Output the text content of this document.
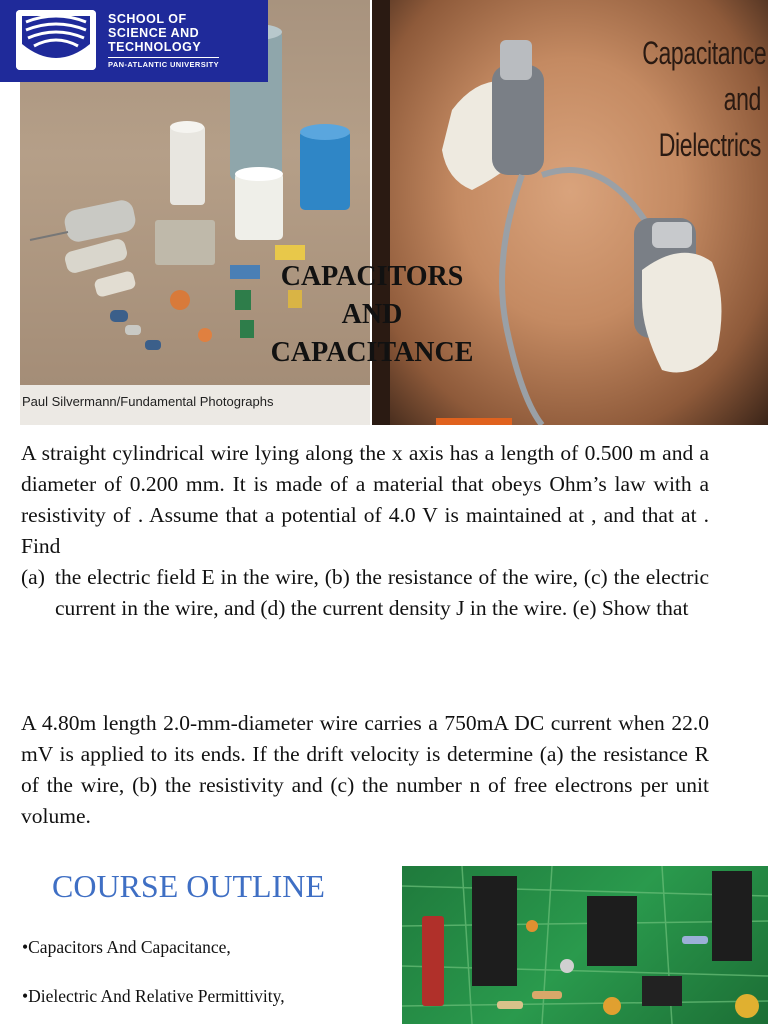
Paul Silvermann/Fundamental Photographs
SCHOOL OF
SCIENCE AND
TECHNOLOGY
PAN-ATLANTIC UNIVERSITY
CAPACITORS
AND
CAPACITANCE
Capacitance and
Dielectrics
A straight cylindrical wire lying along the x axis has a length of 0.500 m and a diameter of 0.200 mm. It is made of a material that obeys Ohm’s law with a resistivity of . Assume that a potential of 4.0 V is maintained at , and that at . Find
(a) the electric field E in the wire, (b) the resistance of the wire, (c) the electric current in the wire, and (d) the current density J in the wire. (e) Show that
A 4.80m length 2.0-mm-diameter wire carries a 750mA DC current when 22.0 mV is applied to its ends. If the drift velocity is determine (a) the resistance R of the wire, (b) the resistivity and (c) the number n of free electrons per unit volume.
COURSE OUTLINE
•Capacitors And Capacitance,
•Dielectric And Relative Permittivity,
